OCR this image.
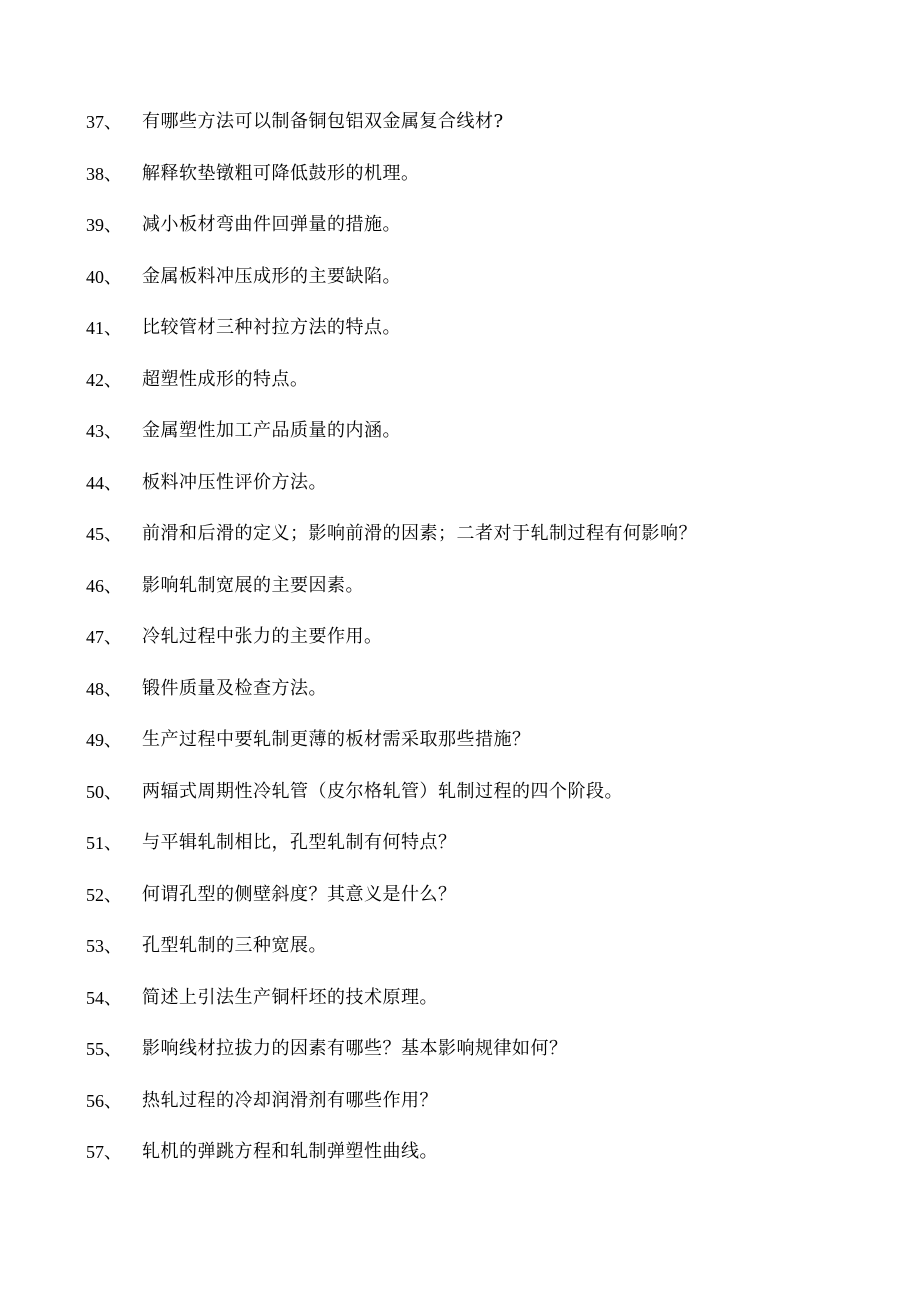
37、	有哪些方法可以制备铜包铝双金属复合线材?
38、	解释软垫镦粗可降低鼓形的机理。
39、	减小板材弯曲件回弹量的措施。
40、	金属板料冲压成形的主要缺陷。
41、	比较管材三种衬拉方法的特点。
42、	超塑性成形的特点。
43、	金属塑性加工产品质量的内涵。
44、	板料冲压性评价方法。
45、	前滑和后滑的定义；影响前滑的因素；二者对于轧制过程有何影响？
46、	影响轧制宽展的主要因素。
47、	冷轧过程中张力的主要作用。
48、	锻件质量及检查方法。
49、	生产过程中要轧制更薄的板材需采取那些措施？
50、	两辐式周期性冷轧管（皮尔格轧管）轧制过程的四个阶段。
51、	与平辑轧制相比，孔型轧制有何特点？
52、	何谓孔型的侧壁斜度？其意义是什么？
53、	孔型轧制的三种宽展。
54、	简述上引法生产铜杆坯的技术原理。
55、	影响线材拉拔力的因素有哪些？基本影响规律如何？
56、	热轧过程的冷却润滑剂有哪些作用？
57、	轧机的弹跳方程和轧制弹塑性曲线。
